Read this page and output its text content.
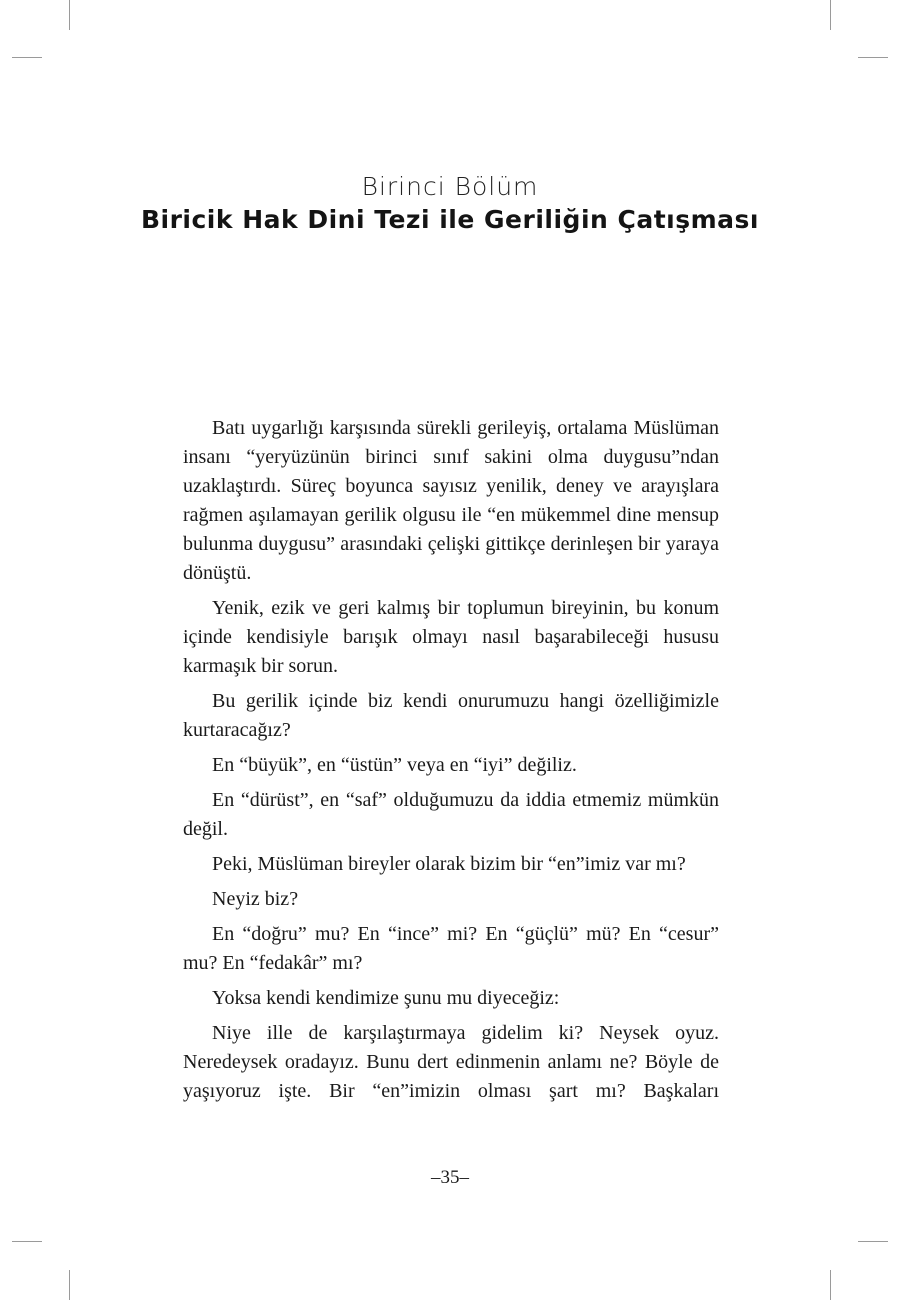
Birinci Bölüm
Biricik Hak Dini Tezi ile Geriliğin Çatışması

Batı uygarlığı karşısında sürekli gerileyiş, ortalama Müslüman insanı “yeryüzünün birinci sınıf sakini olma duygusu”ndan uzaklaştırdı. Süreç boyunca sayısız yenilik, deney ve arayışlara rağmen aşılamayan gerilik olgusu ile “en mükemmel dine mensup bulunma duygusu” arasındaki çelişki gittikçe derinleşen bir yaraya dönüştü.

Yenik, ezik ve geri kalmış bir toplumun bireyinin, bu konum içinde kendisiyle barışık olmayı nasıl başarabileceği hususu karmaşık bir sorun.

Bu gerilik içinde biz kendi onurumuzu hangi özelliğimizle kurtaracağız?

En “büyük”, en “üstün” veya en “iyi” değiliz.

En “dürüst”, en “saf” olduğumuzu da iddia etmemiz mümkün değil.

Peki, Müslüman bireyler olarak bizim bir “en”imiz var mı?

Neyiz biz?

En “doğru” mu? En “ince” mi? En “güçlü” mü? En “cesur” mu? En “fedakâr” mı?

Yoksa kendi kendimize şunu mu diyeceğiz:

Niye ille de karşılaştırmaya gidelim ki? Neysek oyuz. Neredeysek oradayız. Bunu dert edinmenin anlamı ne? Böyle de yaşıyoruz işte. Bir “en”imizin olması şart mı? Başkaları

–35–
